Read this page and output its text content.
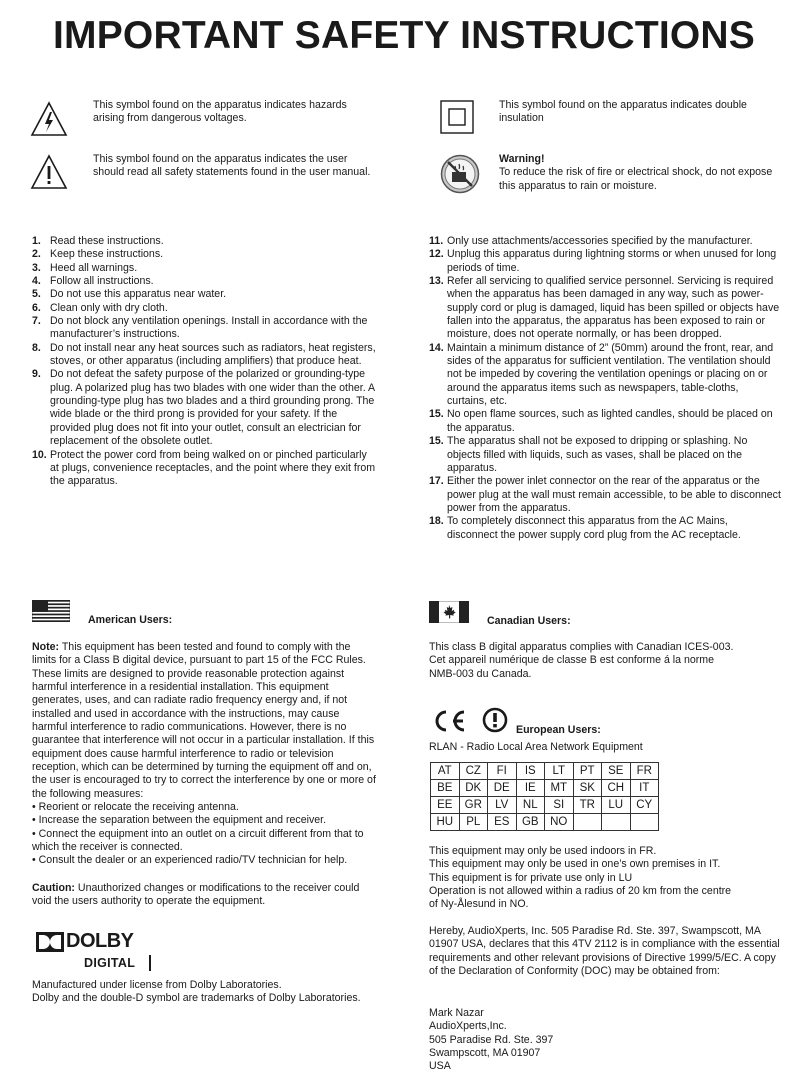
IMPORTANT SAFETY INSTRUCTIONS
This symbol found on the apparatus indicates hazards arising from dangerous voltages.
This symbol found on the apparatus indicates the user should read all safety statements found in the user manual.
This symbol found on the apparatus indicates double insulation
Warning!
To reduce the risk of fire or electrical shock, do not expose this apparatus to rain or moisture.
1. Read these instructions.
2. Keep these instructions.
3. Heed all warnings.
4. Follow all instructions.
5. Do not use this apparatus near water.
6. Clean only with dry cloth.
7. Do not block any ventilation openings. Install in accordance with the manufacturer’s instructions.
8. Do not install near any heat sources such as radiators, heat registers, stoves, or other apparatus (including amplifiers) that produce heat.
9. Do not defeat the safety purpose of the polarized or grounding-type plug. A polarized plug has two blades with one wider than the other. A grounding-type plug has two blades and a third grounding prong. The wide blade or the third prong is provided for your safety. If the provided plug does not fit into your outlet, consult an electrician for replacement of the obsolete outlet.
10. Protect the power cord from being walked on or pinched particularly at plugs, convenience receptacles, and the point where they exit from the apparatus.
11. Only use attachments/accessories specified by the manufacturer.
12. Unplug this apparatus during lightning storms or when unused for long periods of time.
13. Refer all servicing to qualified service personnel. Servicing is required when the apparatus has been damaged in any way, such as power-supply cord or plug is damaged, liquid has been spilled or objects have fallen into the apparatus, the apparatus has been exposed to rain or moisture, does not operate normally, or has been dropped.
14. Maintain a minimum distance of 2” (50mm) around the front, rear, and sides of the apparatus for sufficient ventilation. The ventilation should not be impeded by covering the ventilation openings or placing on or around the apparatus items such as newspapers, table-cloths, curtains, etc.
15. No open flame sources, such as lighted candles, should be placed on the apparatus.
15. The apparatus shall not be exposed to dripping or splashing. No objects filled with liquids, such as vases, shall be placed on the apparatus.
17. Either the power inlet connector on the rear of the apparatus or the power plug at the wall must remain accessible, to be able to disconnect power from the apparatus.
18. To completely disconnect this apparatus from the AC Mains, disconnect the power supply cord plug from the AC receptacle.
American Users:
Note: This equipment has been tested and found to comply with the limits for a Class B digital device, pursuant to part 15 of the FCC Rules. These limits are designed to provide reasonable protection against harmful interference in a residential installation. This equipment generates, uses, and can radiate radio frequency energy and, if not installed and used in accordance with the instructions, may cause harmful interference to radio communications. However, there is no guarantee that interference will not occur in a particular installation. If this equipment does cause harmful interference to radio or television reception, which can be determined by turning the equipment off and on, the user is encouraged to try to correct the interference by one or more of the following measures:
• Reorient or relocate the receiving antenna.
• Increase the separation between the equipment and receiver.
• Connect the equipment into an outlet on a circuit different from that to which the receiver is connected.
• Consult the dealer or an experienced radio/TV technician for help.
Caution: Unauthorized changes or modifications to the receiver could void the users authority to operate the equipment.
DOLBY
DIGITAL
Manufactured under license from Dolby Laboratories.
Dolby and the double-D symbol are trademarks of Dolby Laboratories.
Canadian Users:
This class B digital apparatus complies with Canadian ICES-003.
Cet appareil numérique de classe B est conforme á la norme
NMB-003 du Canada.
European Users:
RLAN - Radio Local Area Network Equipment
AT	CZ	FI	IS	LT	PT	SE	FR
BE	DK	DE	IE	MT	SK	CH	IT
EE	GR	LV	NL	SI	TR	LU	CY
HU	PL	ES	GB	NO			
This equipment may only be used indoors in FR.
This equipment may only be used in one’s own premises in IT.
This equipment is for private use only in LU
Operation is not allowed within a radius of 20 km from the centre
of Ny-Ålesund in NO.
Hereby, AudioXperts, Inc. 505 Paradise Rd. Ste. 397, Swampscott, MA 01907 USA, declares that this 4TV 2112 is in compliance with the essential requirements and other relevant provisions of Directive 1999/5/EC. A copy of the Declaration of Conformity (DOC) may be obtained from:
Mark Nazar
AudioXperts,Inc.
505 Paradise Rd. Ste. 397
Swampscott, MA 01907
USA
